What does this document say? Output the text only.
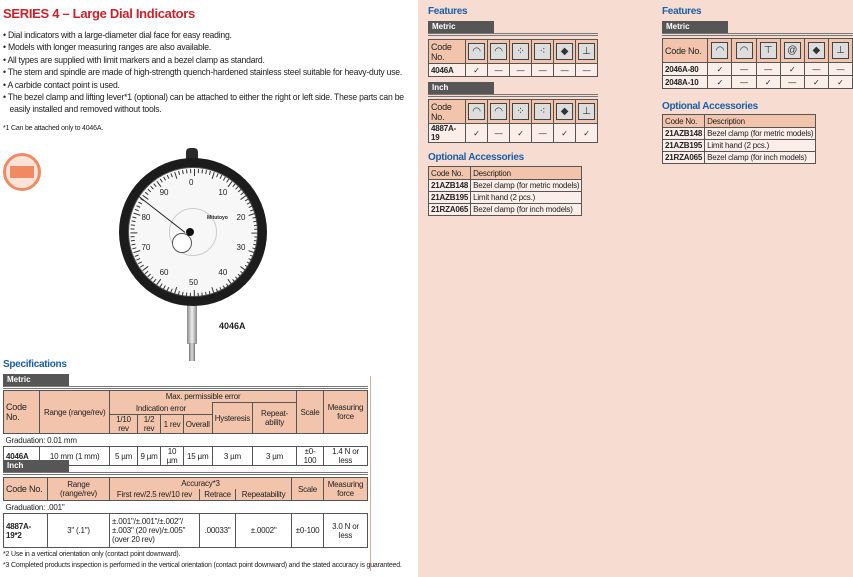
SERIES 4 – Large Dial Indicators
• Dial indicators with a large-diameter dial face for easy reading.
• Models with longer measuring ranges are also available.
• All types are supplied with limit markers and a bezel clamp as standard.
• The stem and spindle are made of high-strength quench-hardened stainless steel suitable for heavy-duty use.
• A carbide contact point is used.
• The bezel clamp and lifting lever*1 (optional) can be attached to either the right or left side. These parts can be easily installed and removed without tools.
*1 Can be attached only to 4046A.
Mitutoyo
0
10
20
30
40
50
60
70
80
90
4046A
Specifications
Metric
Code No.	Range (range/rev)	Max. permissible error						Scale	Measuring force
		Indication error				Hysteresis	Repeat-ability		
		1/10 rev	1/2 rev	1 rev	Overall				
Graduation: 0.01 mm									
4046A	10 mm (1 mm)	5 µm	9 µm	10 µm	15 µm	3 µm	3 µm	±0-100	1.4 N or less
Inch
Code No.	Range (range/rev)	Accuracy*3			Scale	Measuring force
		First rev/2.5 rev/10 rev	Retrace	Repeatability		
Graduation: .001"						
4887A-19*2	3" (.1")	±.001"/±.001"/±.002"/ ±.003" (20 rev)/±.005" (over 20 rev)	.00033"	±.0002"	±0-100	3.0 N or less
*2 Use in a vertical orientation only (contact point downward).
*3 Completed products inspection is performed in the vertical orientation (contact point downward) and the stated accuracy is guaranteed.
Features
Metric
Code No.	◠	◠	⁘	⁖	◆	⊥
4046A	✓	—	—	—	—	—
Inch
Code No.	◠	◠	⁘	⁖	◆	⊥
4887A-19	✓	—	✓	—	✓	✓
Optional Accessories
Code No.	Description
21AZB148	Bezel clamp (for metric models)
21AZB195	Limit hand (2 pcs.)
21RZA065	Bezel clamp (for inch models)
Features
Metric
Code No.	◠	◠	⊤	@	◆	⊥
2046A-80	✓	—	—	✓	—	—
2048A-10	✓	—	✓	—	✓	✓
Optional Accessories
Code No.	Description
21AZB148	Bezel clamp (for metric models)
21AZB195	Limit hand (2 pcs.)
21RZA065	Bezel clamp (for inch models)
